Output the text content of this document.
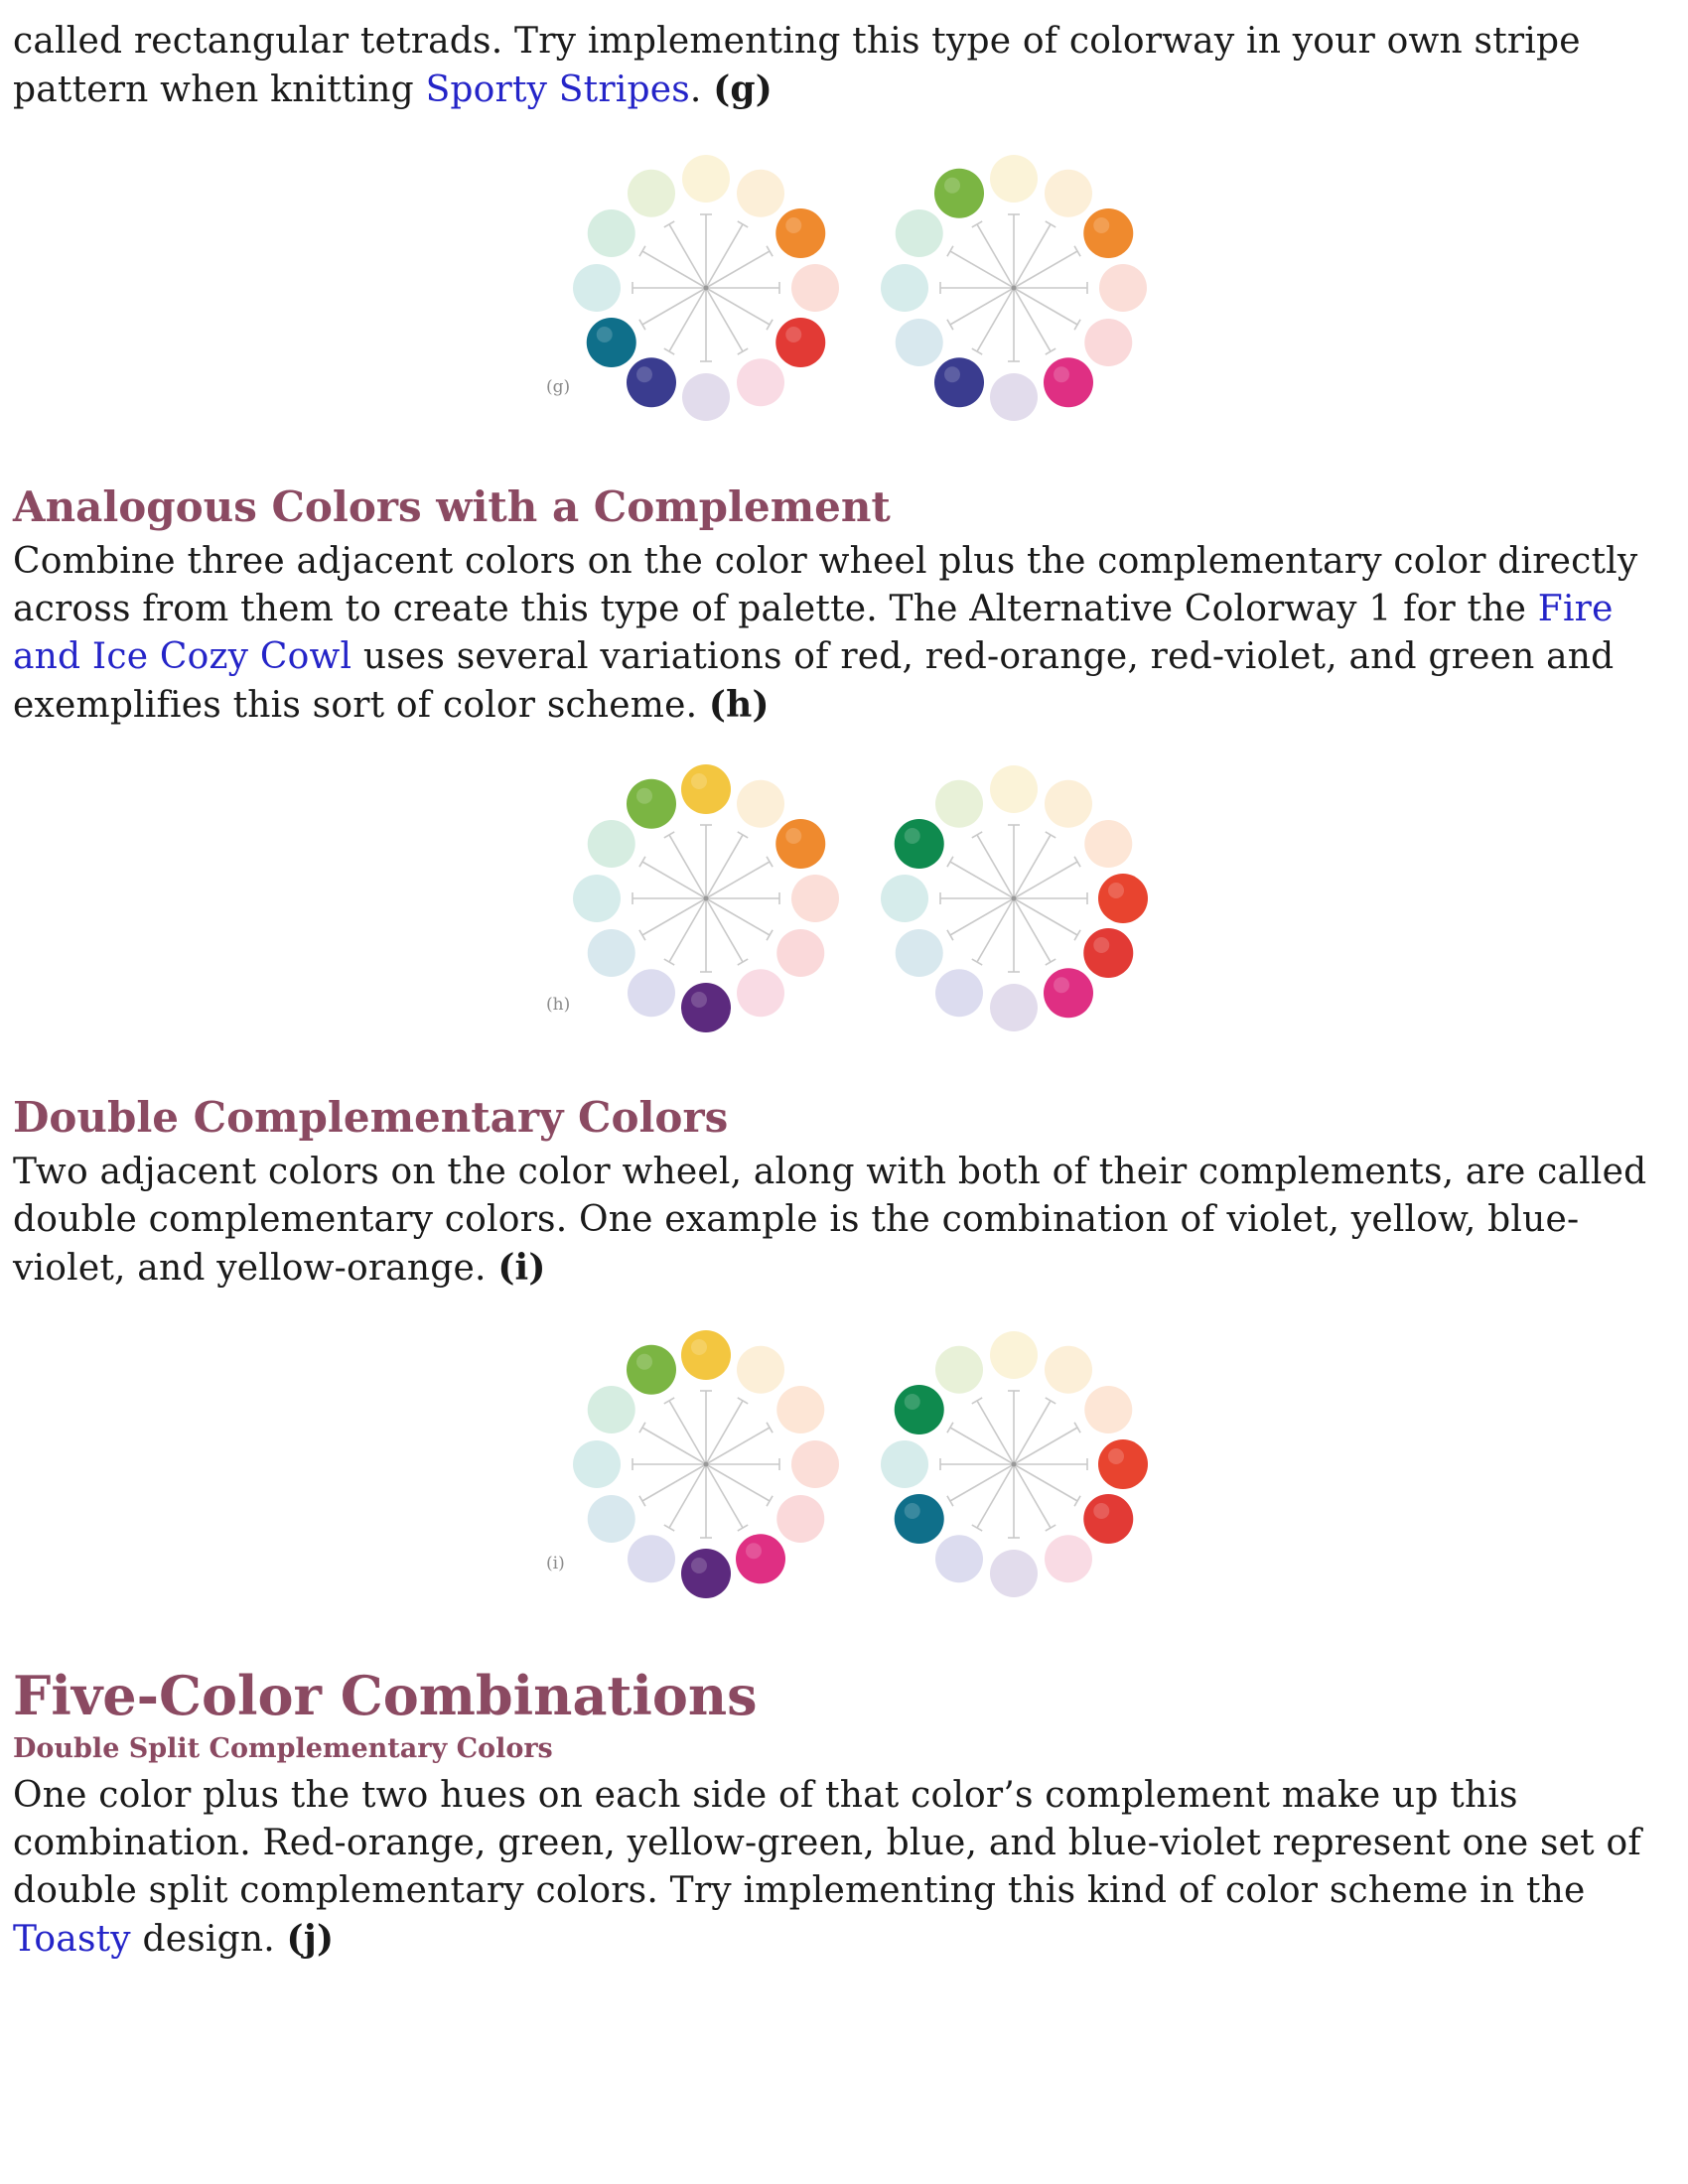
called rectangular tetrads. Try implementing this type of colorway in your own stripe
pattern when knitting Sporty Stripes. (g)

(g)
Analogous Colors with a Complement

Combine three adjacent colors on the color wheel plus the complementary color directly across from them to create this type of palette. The Alternative Colorway 1 for the Fire and Ice Cozy Cowl uses several variations of red, red-orange, red-violet, and green and exemplifies this sort of color scheme. (h)

(h)
Double Complementary Colors

Two adjacent colors on the color wheel, along with both of their complements, are called double complementary colors. One example is the combination of violet, yellow, blue-violet, and yellow-orange. (i)

(i)
Five-Color Combinations
Double Split Complementary Colors

One color plus the two hues on each side of that color’s complement make up this combination. Red-orange, green, yellow-green, blue, and blue-violet represent one set of double split complementary colors. Try implementing this kind of color scheme in the Toasty design. (j)
